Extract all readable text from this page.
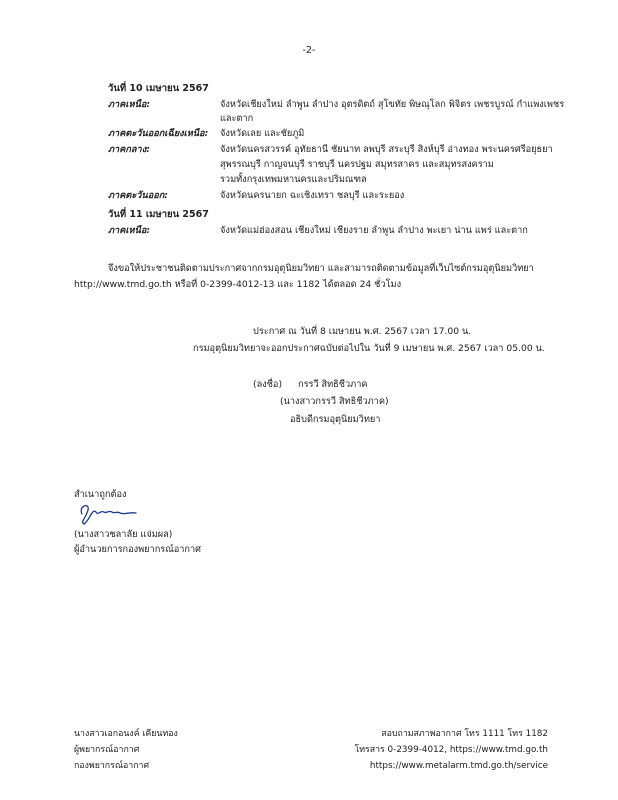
-2-
วันที่ 10 เมษายน 2567
ภาคเหนือ:	จังหวัดเชียงใหม่ ลำพูน ลำปาง อุตรดิตถ์ สุโขทัย พิษณุโลก พิจิตร เพชรบูรณ์ กำแพงเพชร
และตาก
ภาคตะวันออกเฉียงเหนือ: จังหวัดเลย และชัยภูมิ
ภาคกลาง:	จังหวัดนครสวรรค์ อุทัยธานี ชัยนาท ลพบุรี สระบุรี สิงห์บุรี อ่างทอง พระนครศรีอยุธยา
สุพรรณบุรี กาญจนบุรี ราชบุรี นครปฐม สมุทรสาคร และสมุทรสงคราม
รวมทั้งกรุงเทพมหานครและปริมณฑล
ภาคตะวันออก:	จังหวัดนครนายก ฉะเชิงเทรา ชลบุรี และระยอง
วันที่ 11 เมษายน 2567
ภาคเหนือ:	จังหวัดแม่ฮ่องสอน เชียงใหม่ เชียงราย ลำพูน ลำปาง พะเยา น่าน แพร่ และตาก
จึงขอให้ประชาชนติดตามประกาศจากกรมอุตุนิยมวิทยา และสามารถติดตามข้อมูลที่เว็บไซต์กรมอุตุนิยมวิทยา
http://www.tmd.go.th หรือที่ 0-2399-4012-13 และ 1182 ได้ตลอด 24 ชั่วโมง
ประกาศ ณ วันที่ 8 เมษายน พ.ศ. 2567 เวลา 17.00 น.
กรมอุตุนิยมวิทยาจะออกประกาศฉบับต่อไปใน วันที่ 9 เมษายน พ.ศ. 2567 เวลา 05.00 น.
(ลงชื่อ) กรรวี สิทธิชีวภาค
(นางสาวกรรวี สิทธิชีวภาค)
อธิบดีกรมอุตุนิยมวิทยา
สำเนาถูกต้อง
(นางสาวชลาลัย แจ่มผล)
ผู้อำนวยการกองพยากรณ์อากาศ
นางสาวเอกอนงค์ เคียนทอง
ผู้พยากรณ์อากาศ
กองพยากรณ์อากาศ
สอบถามสภาพอากาศ โทร 1111 โทร 1182
โทรสาร 0-2399-4012, https://www.tmd.go.th
https://www.metalarm.tmd.go.th/service
